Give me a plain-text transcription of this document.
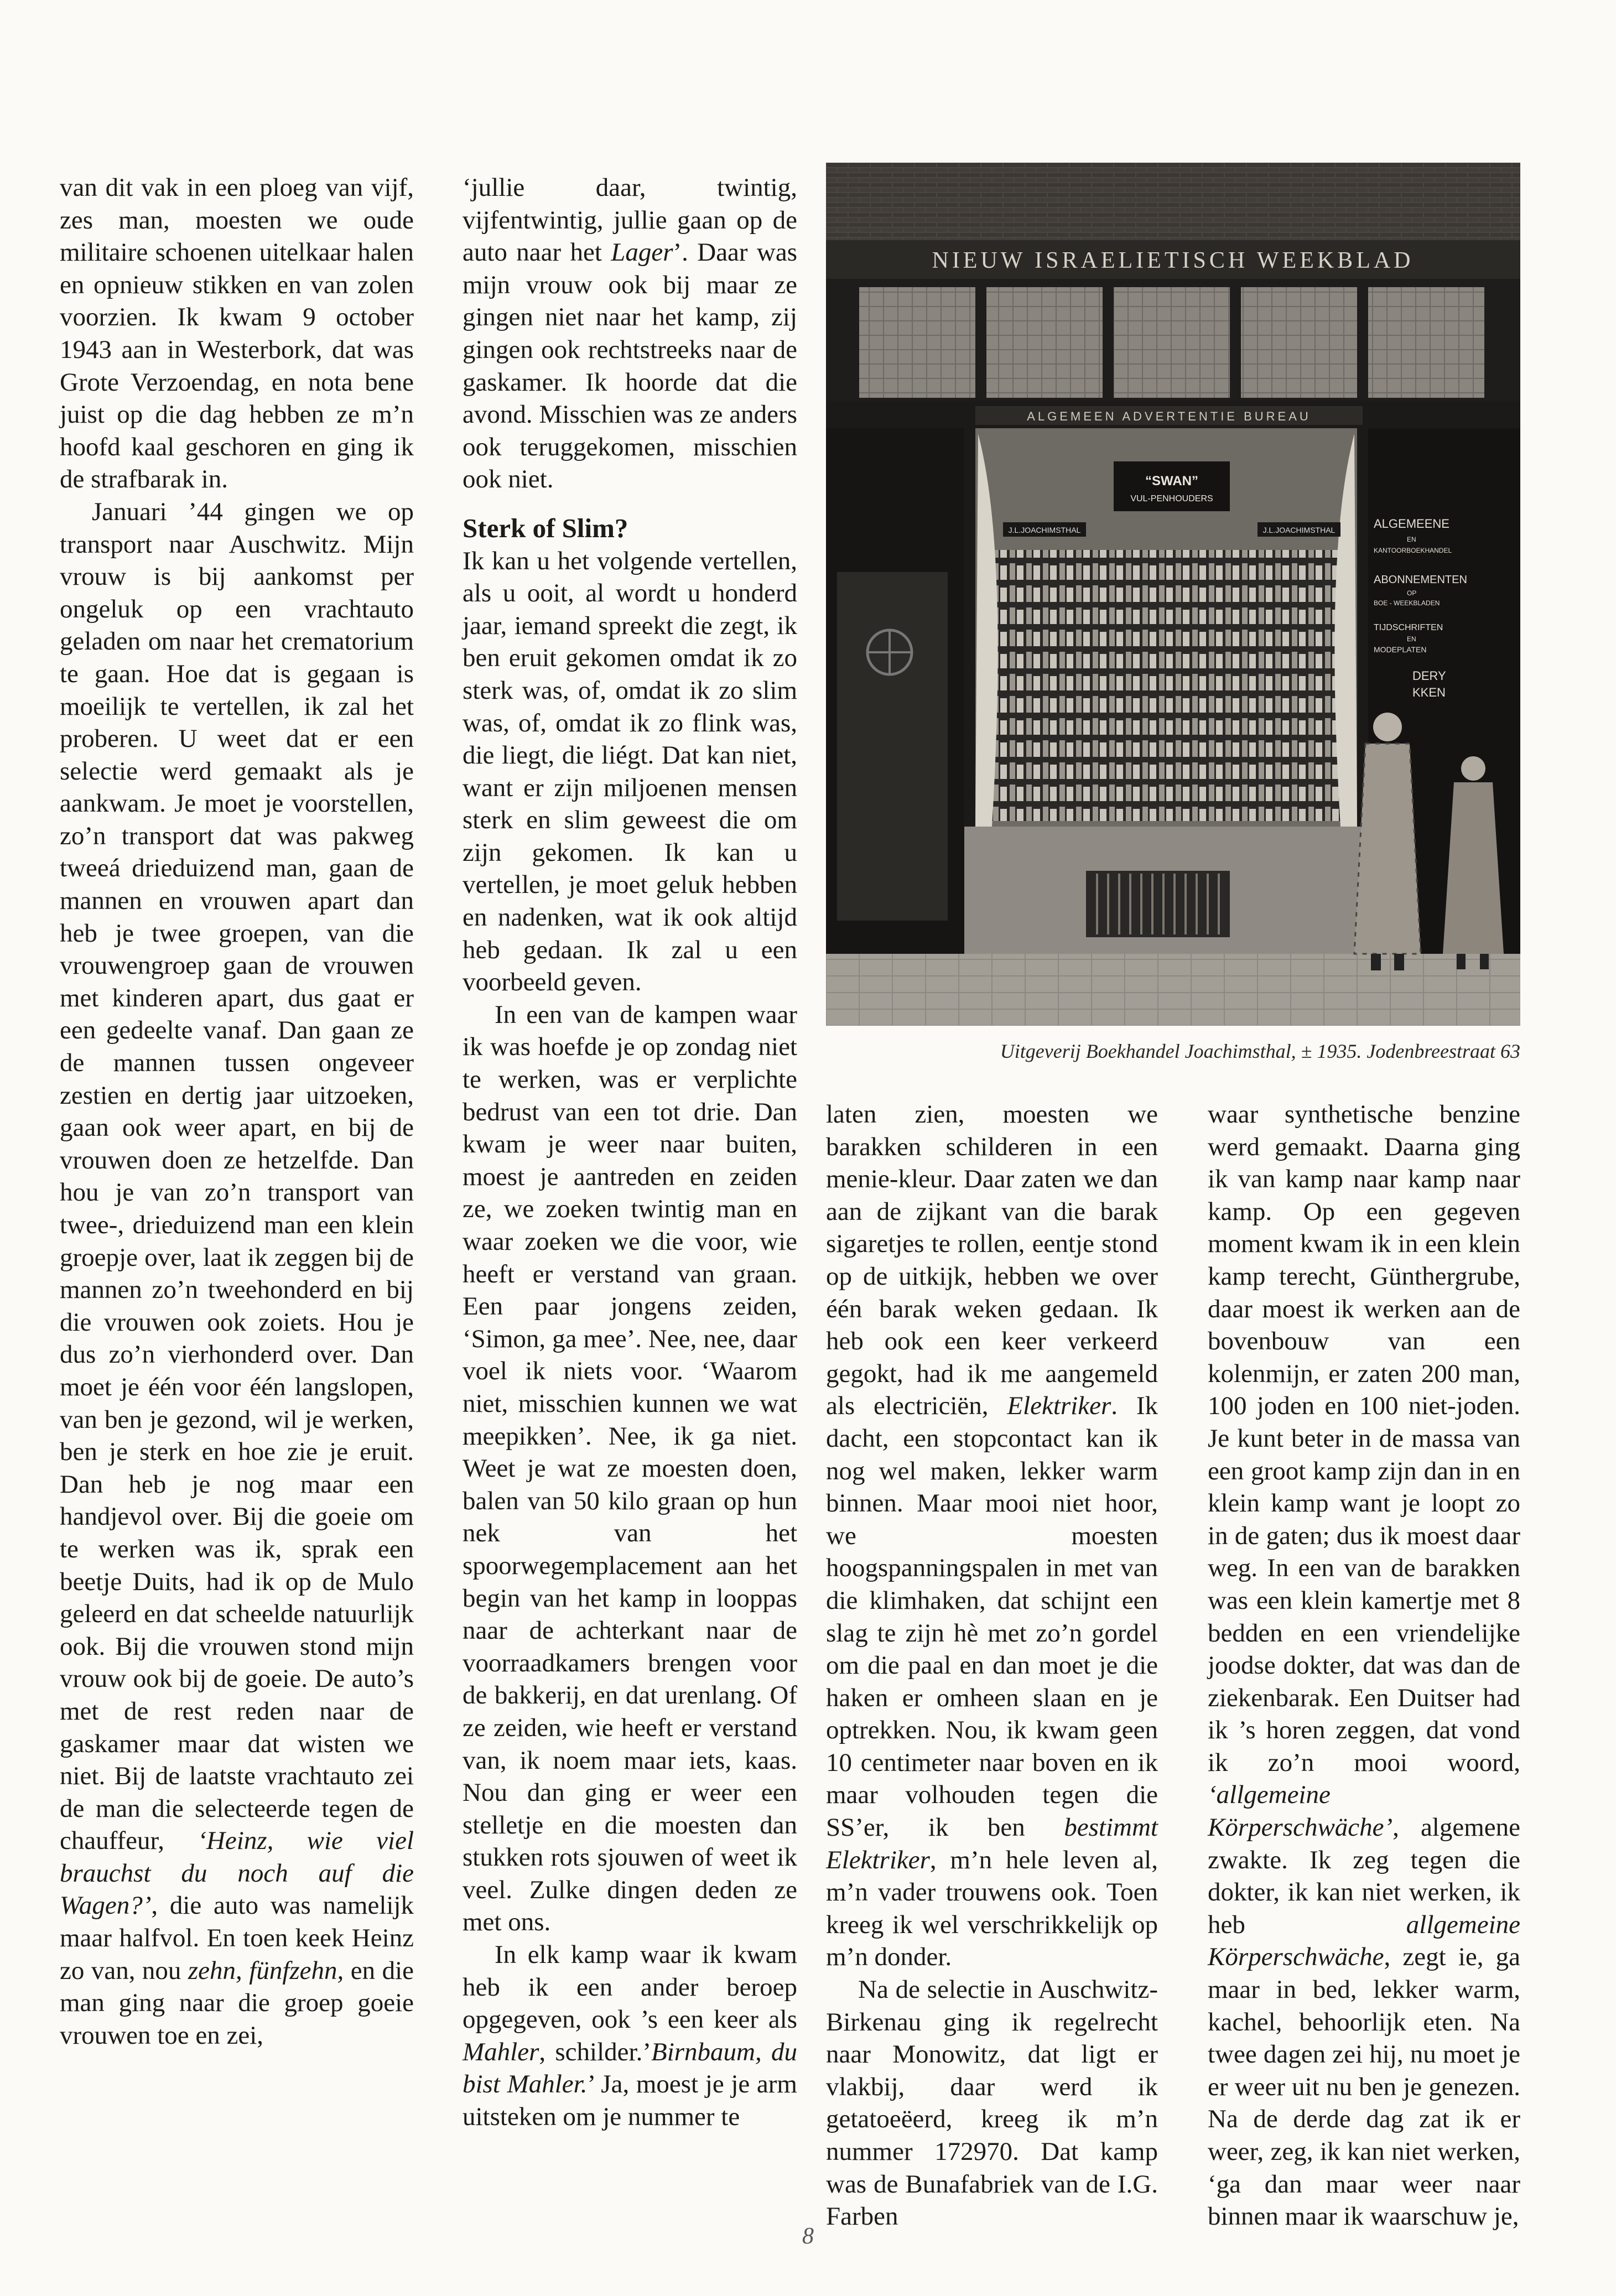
van dit vak in een ploeg van vijf, zes man, moesten we oude militaire schoenen uitelkaar halen en opnieuw stikken en van zolen voorzien. Ik kwam 9 october 1943 aan in Westerbork, dat was Grote Verzoendag, en nota bene juist op die dag hebben ze m’n hoofd kaal geschoren en ging ik de strafbarak in.

Januari ’44 gingen we op transport naar Auschwitz. Mijn vrouw is bij aankomst per ongeluk op een vrachtauto geladen om naar het crematorium te gaan. Hoe dat is gegaan is moeilijk te vertellen, ik zal het proberen. U weet dat er een selectie werd gemaakt als je aankwam. Je moet je voorstellen, zo’n transport dat was pakweg tweeá drieduizend man, gaan de mannen en vrouwen apart dan heb je twee groepen, van die vrouwengroep gaan de vrouwen met kinderen apart, dus gaat er een gedeelte vanaf. Dan gaan ze de mannen tussen ongeveer zestien en dertig jaar uitzoeken, gaan ook weer apart, en bij de vrouwen doen ze hetzelfde. Dan hou je van zo’n transport van twee-, drieduizend man een klein groepje over, laat ik zeggen bij de mannen zo’n tweehonderd en bij die vrouwen ook zoiets. Hou je dus zo’n vierhonderd over. Dan moet je één voor één langslopen, van ben je gezond, wil je werken, ben je sterk en hoe zie je eruit. Dan heb je nog maar een handjevol over. Bij die goeie om te werken was ik, sprak een beetje Duits, had ik op de Mulo geleerd en dat scheelde natuurlijk ook. Bij die vrouwen stond mijn vrouw ook bij de goeie. De auto’s met de rest reden naar de gaskamer maar dat wisten we niet. Bij de laatste vrachtauto zei de man die selecteerde tegen de chauffeur, ‘Heinz, wie viel brauchst du noch auf die Wagen?’, die auto was namelijk maar halfvol. En toen keek Heinz zo van, nou zehn, fünfzehn, en die man ging naar die groep goeie vrouwen toe en zei,

‘jullie daar, twintig, vijfentwintig, jullie gaan op de auto naar het Lager’. Daar was mijn vrouw ook bij maar ze gingen niet naar het kamp, zij gingen ook rechtstreeks naar de gaskamer. Ik hoorde dat die avond. Misschien was ze anders ook teruggekomen, misschien ook niet.

Sterk of Slim?

Ik kan u het volgende vertellen, als u ooit, al wordt u honderd jaar, iemand spreekt die zegt, ik ben eruit gekomen omdat ik zo sterk was, of, omdat ik zo slim was, of, omdat ik zo flink was, die liegt, die liégt. Dat kan niet, want er zijn miljoenen mensen sterk en slim geweest die om zijn gekomen. Ik kan u vertellen, je moet geluk hebben en nadenken, wat ik ook altijd heb gedaan. Ik zal u een voorbeeld geven.

In een van de kampen waar ik was hoefde je op zondag niet te werken, was er verplichte bedrust van een tot drie. Dan kwam je weer naar buiten, moest je aantreden en zeiden ze, we zoeken twintig man en waar zoeken we die voor, wie heeft er verstand van graan. Een paar jongens zeiden, ‘Simon, ga mee’. Nee, nee, daar voel ik niets voor. ‘Waarom niet, misschien kunnen we wat meepikken’. Nee, ik ga niet. Weet je wat ze moesten doen, balen van 50 kilo graan op hun nek van het spoorwegemplacement aan het begin van het kamp in looppas naar de achterkant naar de voorraadkamers brengen voor de bakkerij, en dat urenlang. Of ze zeiden, wie heeft er verstand van, ik noem maar iets, kaas. Nou dan ging er weer een stelletje en die moesten dan stukken rots sjouwen of weet ik veel. Zulke dingen deden ze met ons.

In elk kamp waar ik kwam heb ik een ander beroep opgegeven, ook ’s een keer als Mahler, schilder.’Birnbaum, du bist Mahler.’ Ja, moest je je arm uitsteken om je nummer te

NIEUW ISRAELIETISCH WEEKBLAD
ALGEMEEN ADVERTENTIE BUREAU
“SWAN”
VUL-PENHOUDERS
J.L.JOACHIMSTHAL	J.L.JOACHIMSTHAL	ALGEMEENE
EN
KANTOORBOEKHANDEL
ABONNEMENTEN
OP
BOE - WEEKBLADEN
TIJDSCHRIFTEN
EN
MODEPLATEN
DERY
KKEN
Uitgeverij Boekhandel Joachimsthal, ± 1935. Jodenbreestraat 63

laten zien, moesten we barakken schilderen in een menie-kleur. Daar zaten we dan aan de zijkant van die barak sigaretjes te rollen, eentje stond op de uitkijk, hebben we over één barak weken gedaan. Ik heb ook een keer verkeerd gegokt, had ik me aangemeld als electriciën, Elektriker. Ik dacht, een stopcontact kan ik nog wel maken, lekker warm binnen. Maar mooi niet hoor, we moesten hoogspanningspalen in met van die klimhaken, dat schijnt een slag te zijn hè met zo’n gordel om die paal en dan moet je die haken er omheen slaan en je optrekken. Nou, ik kwam geen 10 centimeter naar boven en ik maar volhouden tegen die SS’er, ik ben bestimmt Elektriker, m’n hele leven al, m’n vader trouwens ook. Toen kreeg ik wel verschrikkelijk op m’n donder.

Na de selectie in Auschwitz-Birkenau ging ik regelrecht naar Monowitz, dat ligt er vlakbij, daar werd ik getatoeëerd, kreeg ik m’n nummer 172970. Dat kamp was de Bunafabriek van de I.G. Farben

waar synthetische benzine werd gemaakt. Daarna ging ik van kamp naar kamp naar kamp. Op een gegeven moment kwam ik in een klein kamp terecht, Günthergrube, daar moest ik werken aan de bovenbouw van een kolenmijn, er zaten 200 man, 100 joden en 100 niet-joden. Je kunt beter in de massa van een groot kamp zijn dan in en klein kamp want je loopt zo in de gaten; dus ik moest daar weg. In een van de barakken was een klein kamertje met 8 bedden en een vriendelijke joodse dokter, dat was dan de ziekenbarak. Een Duitser had ik ’s horen zeggen, dat vond ik zo’n mooi woord, ‘allgemeine Körperschwäche’, algemene zwakte. Ik zeg tegen die dokter, ik kan niet werken, ik heb allgemeine Körperschwäche, zegt ie, ga maar in bed, lekker warm, kachel, behoorlijk eten. Na twee dagen zei hij, nu moet je er weer uit nu ben je genezen. Na de derde dag zat ik er weer, zeg, ik kan niet werken, ‘ga dan maar weer naar binnen maar ik waarschuw je,

8
